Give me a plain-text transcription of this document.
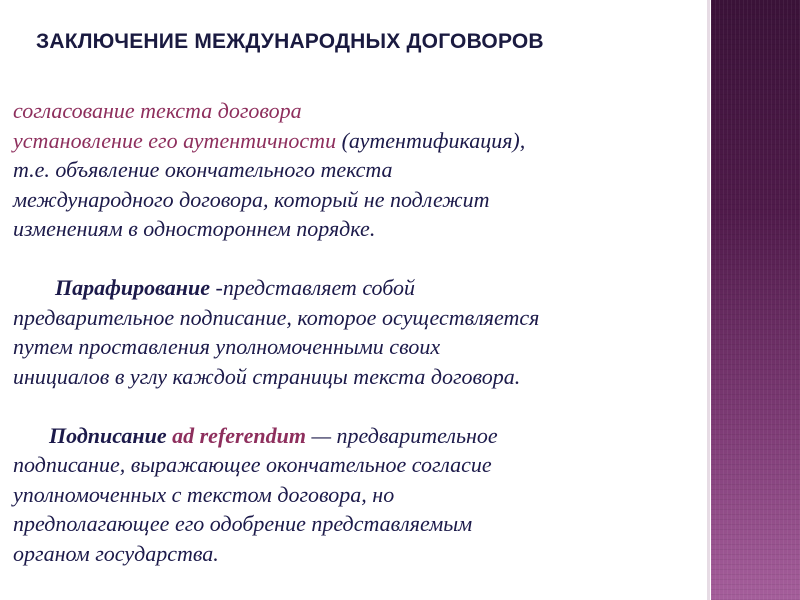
ЗАКЛЮЧЕНИЕ МЕЖДУНАРОДНЫХ ДОГОВОРОВ
согласование текста договора
установление его аутентичности (аутентификация),
т.е. объявление окончательного текста
международного договора, который не подлежит
изменениям в одностороннем порядке.
Парафирование -представляет собой
предварительное подписание, которое осуществляется
путем проставления уполномоченными своих
инициалов в углу каждой страницы текста договора.
Подписание ad referendum — предварительное
подписание, выражающее окончательное согласие
уполномоченных с текстом договора, но
предполагающее его одобрение представляемым
органом государства.
